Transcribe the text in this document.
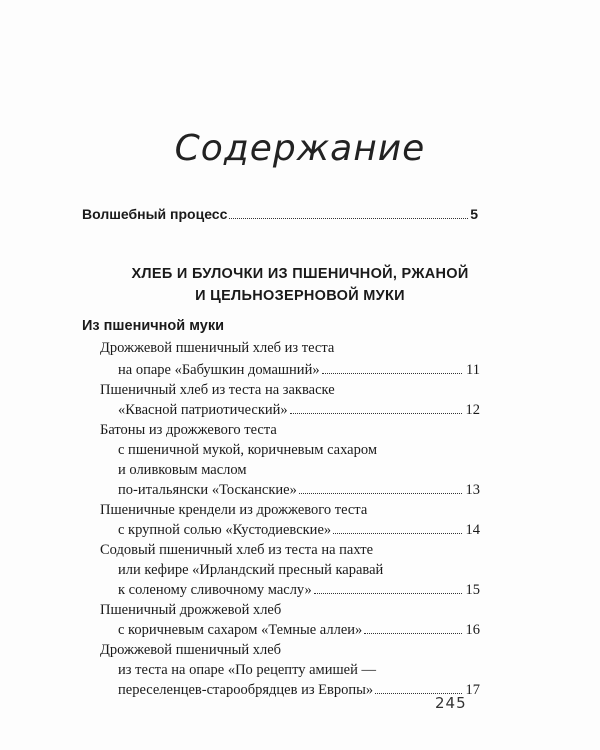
Содержание
Волшебный процесс	5
ХЛЕБ И БУЛОЧКИ ИЗ ПШЕНИЧНОЙ, РЖАНОЙ
И ЦЕЛЬНОЗЕРНОВОЙ МУКИ
Из пшеничной муки
Дрожжевой пшеничный хлеб из теста
на опаре «Бабушкин домашний»	11
Пшеничный хлеб из теста на закваске
«Квасной патриотический»	12
Батоны из дрожжевого теста
с пшеничной мукой, коричневым сахаром
и оливковым маслом
по-итальянски «Тосканские»	13
Пшеничные крендели из дрожжевого теста
с крупной солью «Кустодиевские»	14
Содовый пшеничный хлеб из теста на пахте
или кефире «Ирландский пресный каравай
к соленому сливочному маслу»	15
Пшеничный дрожжевой хлеб
с коричневым сахаром «Темные аллеи»	16
Дрожжевой пшеничный хлеб
из теста на опаре «По рецепту амишей —
переселенцев-старообрядцев из Европы»	17
245
